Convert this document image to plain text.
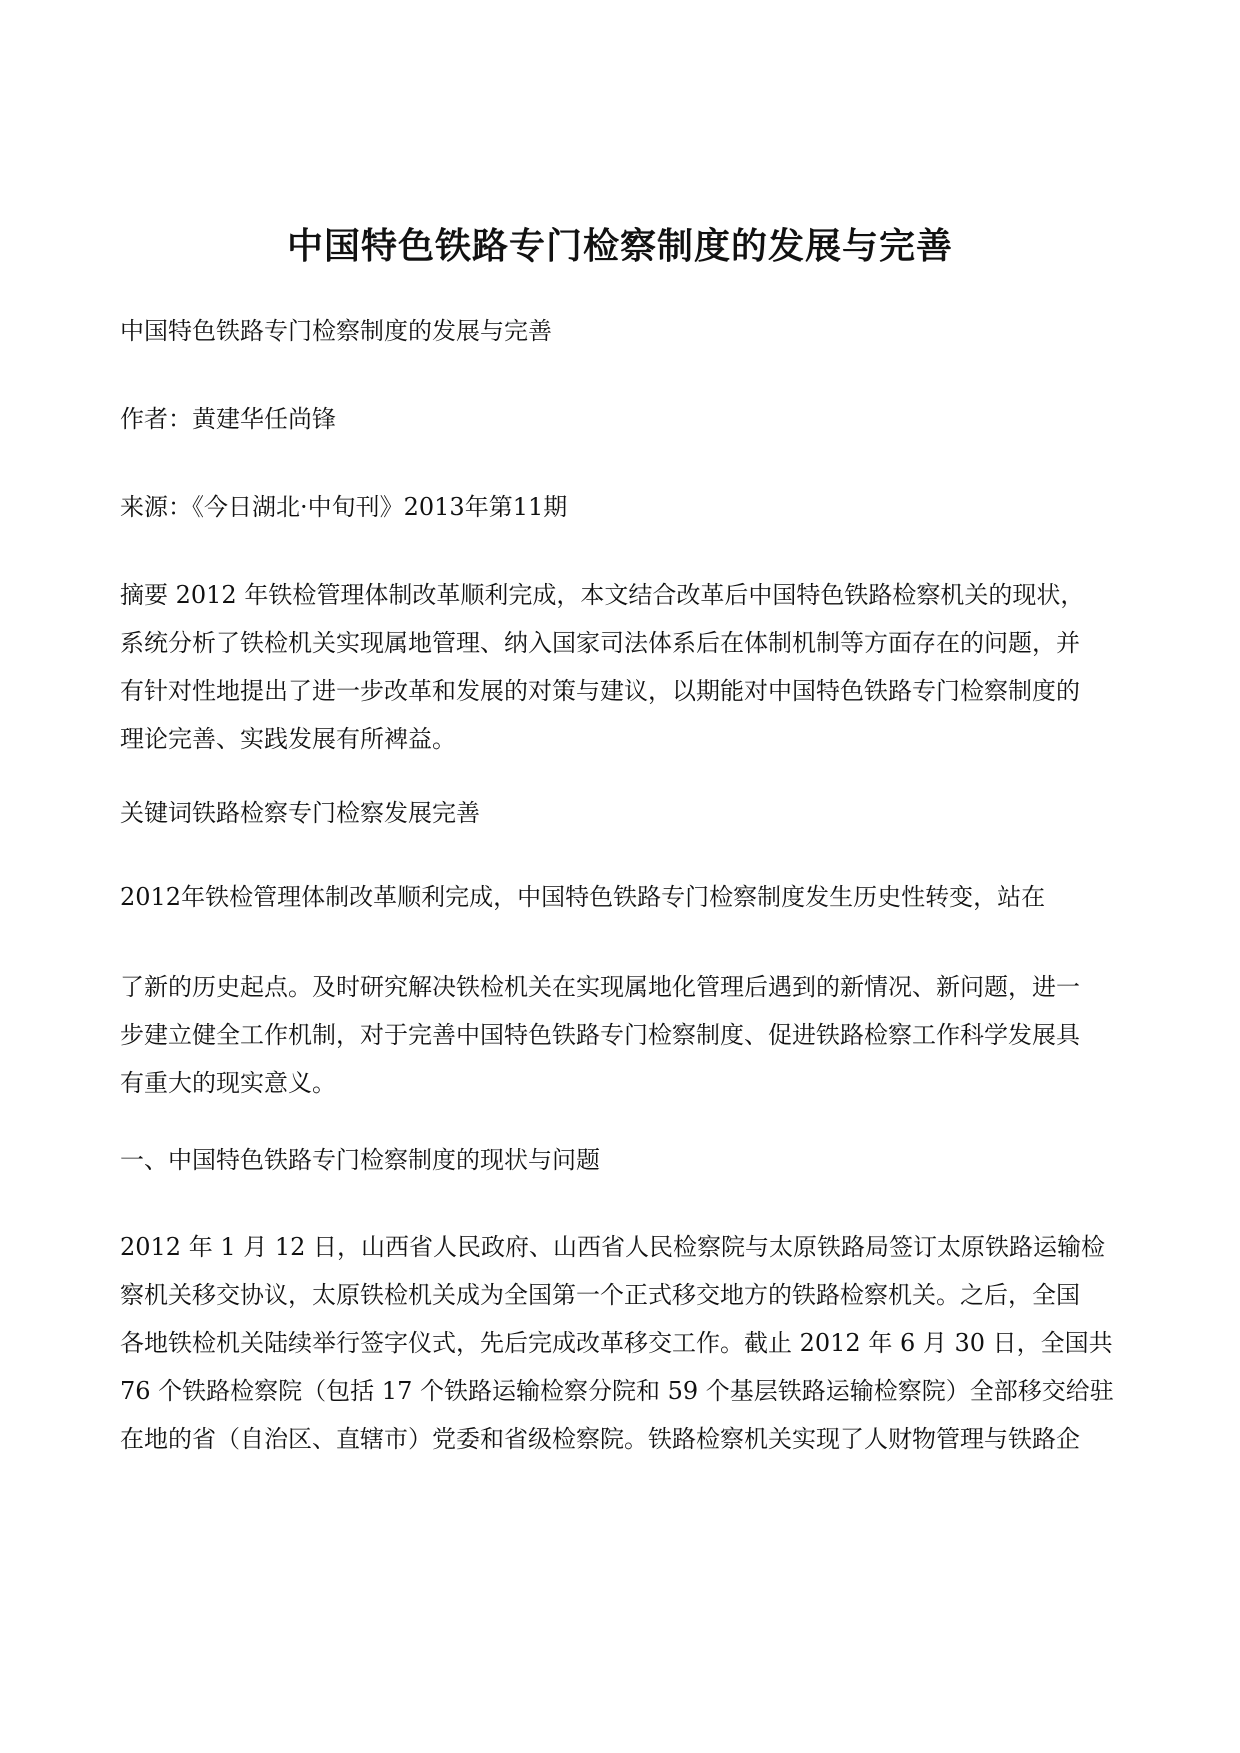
中国特色铁路专门检察制度的发展与完善
中国特色铁路专门检察制度的发展与完善
作者：黄建华任尚锋
来源：《今日湖北·中旬刊》2013年第11期
摘要 2012 年铁检管理体制改革顺利完成，本文结合改革后中国特色铁路检察机关的现状，
系统分析了铁检机关实现属地管理、纳入国家司法体系后在体制机制等方面存在的问题，并
有针对性地提出了进一步改革和发展的对策与建议，以期能对中国特色铁路专门检察制度的
理论完善、实践发展有所裨益。
关键词铁路检察专门检察发展完善
2012年铁检管理体制改革顺利完成，中国特色铁路专门检察制度发生历史性转变，站在
了新的历史起点。及时研究解决铁检机关在实现属地化管理后遇到的新情况、新问题，进一
步建立健全工作机制，对于完善中国特色铁路专门检察制度、促进铁路检察工作科学发展具
有重大的现实意义。
一、中国特色铁路专门检察制度的现状与问题
2012 年 1 月 12 日，山西省人民政府、山西省人民检察院与太原铁路局签订太原铁路运输检
察机关移交协议，太原铁检机关成为全国第一个正式移交地方的铁路检察机关。之后，全国
各地铁检机关陆续举行签字仪式，先后完成改革移交工作。截止 2012 年 6 月 30 日，全国共
76 个铁路检察院（包括 17 个铁路运输检察分院和 59 个基层铁路运输检察院）全部移交给驻
在地的省（自治区、直辖市）党委和省级检察院。铁路检察机关实现了人财物管理与铁路企
